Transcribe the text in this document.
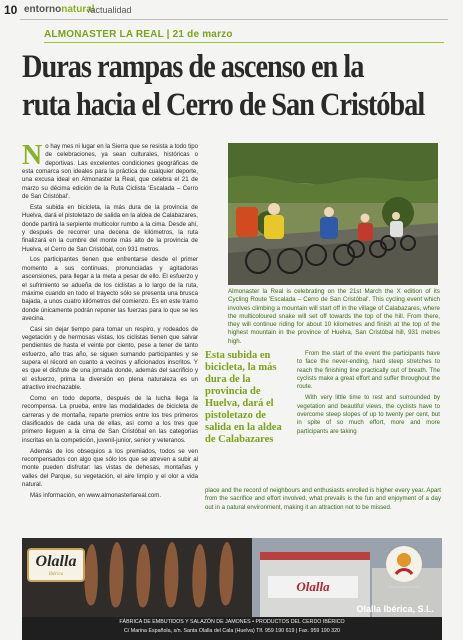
10 entornonatural
/actualidad
ALMONASTER LA REAL | 21 de marzo
Duras rampas de ascenso en la
ruta hacia el Cerro de San Cristóbal

No hay mes ni lugar en la Sierra que se resista a todo tipo de celebraciones, ya sean culturales, históricas o deportivas. Las excelentes condiciones geográficas de esta comarca son ideales para la práctica de cualquier deporte, una excusa ideal en Almonaster la Real, que celebra el 21 de marzo su décima edición de la Ruta Ciclista 'Escalada – Cerro de San Cristóbal'.

Esta subida en bicicleta, la más dura de la provincia de Huelva, dará el pistoletazo de salida en la aldea de Calabazares, donde partirá la serpiente multicolor rumbo a la cima. Desde ahí, y después de recorrer una decena de kilómetros, la ruta finalizará en la cumbre del monte más alto de la provincia de Huelva, el Cerro de San Cristóbal, con 931 metros.

Los participantes tienen que enfrentarse desde el primer momento a sus continuas, pronunciadas y agitadoras ascensiones, para llegar a la meta a pesar de ello. El esfuerzo y el sufrimiento se adueña de los ciclistas a lo largo de la ruta, máxime cuando en todo el trayecto sólo se presenta una brusca bajada, a unos cuatro kilómetros del comienzo. Es en este tramo donde únicamente podrán reponer las fuerzas para lo que se les avecina.

Casi sin dejar tiempo para tomar un respiro, y rodeados de vegetación y de hermosas vistas, los ciclistas tienen que salvar pendientes de hasta el veinte por ciento, pese a tener de tanto esfuerzo, año tras año, se siguen sumando participantes y se supera el récord en cuanto a vecinos y aficionados inscritos. Y es que el disfrute de una jornada donde, además del sacrificio y el esfuerzo, prima la diversión en plena naturaleza es un atractivo irrechazable.

Como en todo deporte, después de la lucha llega la recompensa. La prueba, entre las modalidades de bicicleta de carreras y de montaña, reparte premios entre los tres primeros clasificados de cada una de ellas, así como a los tres que primero lleguen a la cima de San Cristóbal en las categorías inscritas en la competición, juvenil-junior, senior y veteranos.

Además de los obsequios a los premiados, todos se ven recompensados con algo que sólo los que se atreven a subir al monte pueden disfrutar: las vistas de dehesas, montañas y valles del Parque, su vegetación, el aire limpio y el olor a vida natural.

Más información, en www.almonasterlareal.com.

Almonaster la Real is celebrating on the 21st March the X edition of its Cycling Route 'Escalada – Cerro de San Cristóbal'. This cycling event which involves climbing a mountain will start off in the village of Calabazares, where the multicoloured snake will set off towards the top of the hill. From there, they will continue riding for about 10 kilometres and finish at the top of the highest mountain in the province of Huelva, San Cristóbal hill, 931 metres high.
Esta subida en bicicleta, la más dura de la provincia de Huelva, dará el pistoletazo de salida en la aldea de Calabazares

From the start of the event the participants have to face the never-ending, hard steep stretches to reach the finishing line practically out of breath. The cyclists make a great effort and suffer throughout the route.

With very little time to rest and surrounded by vegetation and beautiful views, the cyclists have to overcome steep slopes of up to twenty per cent, but in spite of so much effort, more and more participants are taking

place and the record of neighbours and enthusiasts enrolled is higher every year. Apart from the sacrifice and effort involved, what prevails is the fun and enjoyment of a day out in a natural environment, making it an attraction not to be missed.
Olalla
Ibérica
Olalla	Jamón de Huelva
Olalla Ibérica, S.L.
FÁBRICA DE EMBUTIDOS Y SALAZÓN DE JAMONES • PRODUCTOS DEL CERDO IBÉRICO
C/ Marina Española, s/n. Santa Olalla del Cala (Huelva) Tlf. 959 190 619 | Fax. 959 190 320
